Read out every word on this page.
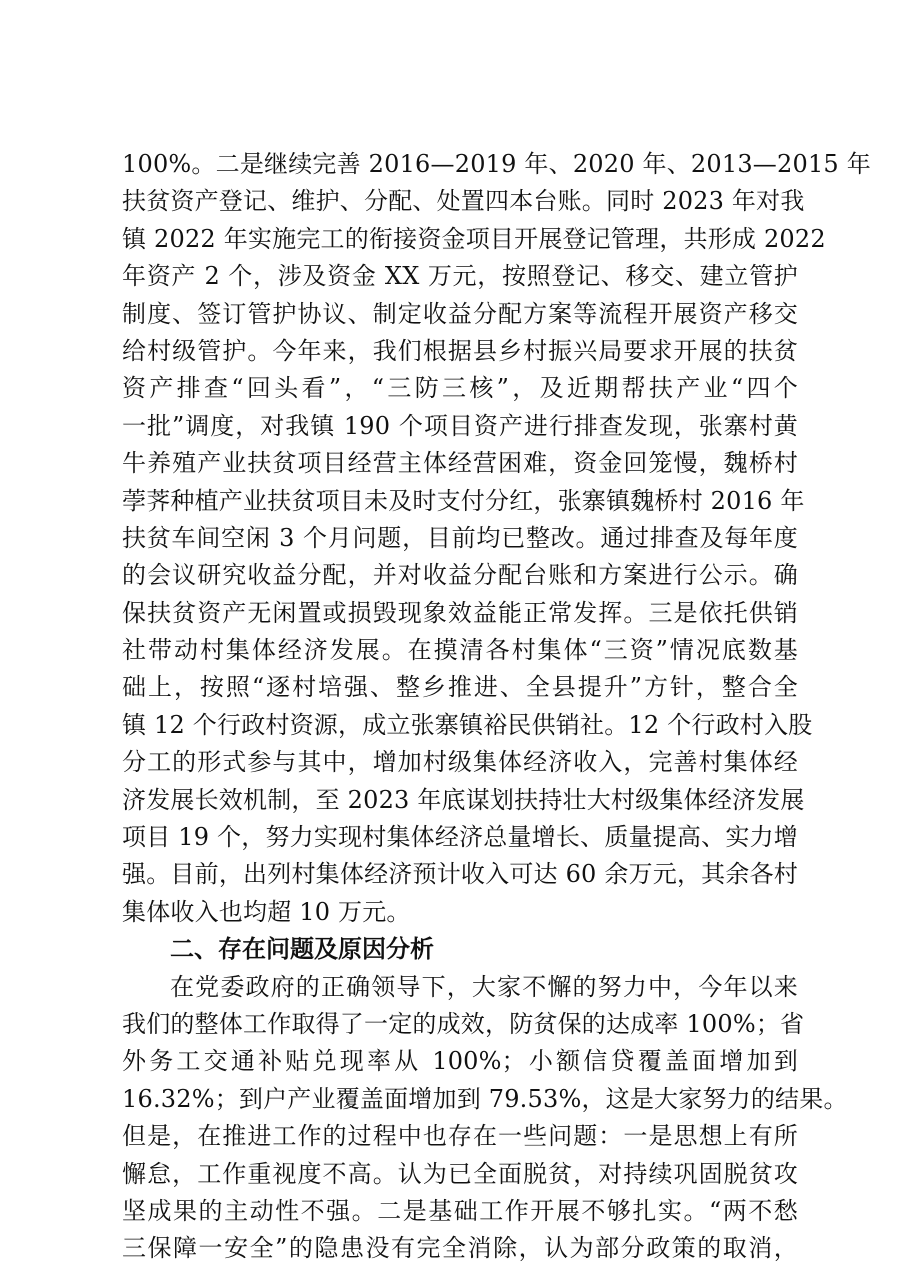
100%。二是继续完善 2016—2019 年、2020 年、2013—2015 年
扶贫资产登记、维护、分配、处置四本台账。同时 2023 年对我
镇 2022 年实施完工的衔接资金项目开展登记管理，共形成 2022
年资产 2 个，涉及资金 XX 万元，按照登记、移交、建立管护
制度、签订管护协议、制定收益分配方案等流程开展资产移交
给村级管护。今年来，我们根据县乡村振兴局要求开展的扶贫
资产排查“回头看”，“三防三核”，及近期帮扶产业“四个
一批”调度，对我镇 190 个项目资产进行排查发现，张寨村黄
牛养殖产业扶贫项目经营主体经营困难，资金回笼慢，魏桥村
荸荠种植产业扶贫项目未及时支付分红，张寨镇魏桥村 2016 年
扶贫车间空闲 3 个月问题，目前均已整改。通过排查及每年度
的会议研究收益分配，并对收益分配台账和方案进行公示。确
保扶贫资产无闲置或损毁现象效益能正常发挥。三是依托供销
社带动村集体经济发展。在摸清各村集体“三资”情况底数基
础上，按照“逐村培强、整乡推进、全县提升”方针，整合全
镇 12 个行政村资源，成立张寨镇裕民供销社。12 个行政村入股
分工的形式参与其中，增加村级集体经济收入，完善村集体经
济发展长效机制，至 2023 年底谋划扶持壮大村级集体经济发展
项目 19 个，努力实现村集体经济总量增长、质量提高、实力增
强。目前，出列村集体经济预计收入可达 60 余万元，其余各村
集体收入也均超 10 万元。
二、存在问题及原因分析
在党委政府的正确领导下，大家不懈的努力中，今年以来
我们的整体工作取得了一定的成效，防贫保的达成率 100%；省
外务工交通补贴兑现率从 100%；小额信贷覆盖面增加到
16.32%；到户产业覆盖面增加到 79.53%，这是大家努力的结果。
但是，在推进工作的过程中也存在一些问题：一是思想上有所
懈怠，工作重视度不高。认为已全面脱贫，对持续巩固脱贫攻
坚成果的主动性不强。二是基础工作开展不够扎实。“两不愁
三保障一安全”的隐患没有完全消除，认为部分政策的取消，
